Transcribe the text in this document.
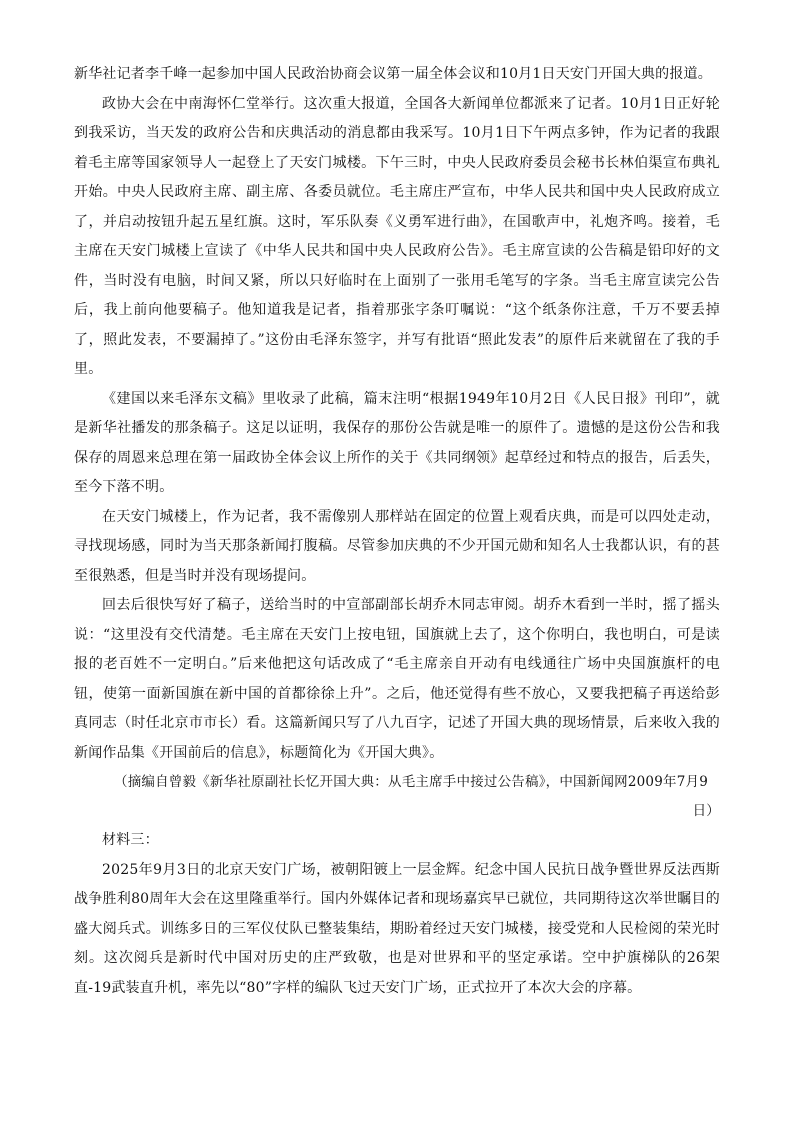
新华社记者李千峰一起参加中国人民政治协商会议第一届全体会议和10月1日天安门开国大典的报道。

政协大会在中南海怀仁堂举行。这次重大报道，全国各大新闻单位都派来了记者。10月1日正好轮到我采访，当天发的政府公告和庆典活动的消息都由我采写。10月1日下午两点多钟，作为记者的我跟着毛主席等国家领导人一起登上了天安门城楼。下午三时，中央人民政府委员会秘书长林伯渠宣布典礼开始。中央人民政府主席、副主席、各委员就位。毛主席庄严宣布，中华人民共和国中央人民政府成立了，并启动按钮升起五星红旗。这时，军乐队奏《义勇军进行曲》，在国歌声中，礼炮齐鸣。接着，毛主席在天安门城楼上宣读了《中华人民共和国中央人民政府公告》。毛主席宣读的公告稿是铅印好的文件，当时没有电脑，时间又紧，所以只好临时在上面别了一张用毛笔写的字条。当毛主席宣读完公告后，我上前向他要稿子。他知道我是记者，指着那张字条叮嘱说：“这个纸条你注意，千万不要丢掉了，照此发表，不要漏掉了。”这份由毛泽东签字，并写有批语“照此发表”的原件后来就留在了我的手里。

《建国以来毛泽东文稿》里收录了此稿，篇末注明“根据1949年10月2日《人民日报》刊印”，就是新华社播发的那条稿子。这足以证明，我保存的那份公告就是唯一的原件了。遗憾的是这份公告和我保存的周恩来总理在第一届政协全体会议上所作的关于《共同纲领》起草经过和特点的报告，后丢失，至今下落不明。

在天安门城楼上，作为记者，我不需像别人那样站在固定的位置上观看庆典，而是可以四处走动，寻找现场感，同时为当天那条新闻打腹稿。尽管参加庆典的不少开国元勋和知名人士我都认识，有的甚至很熟悉，但是当时并没有现场提问。

回去后很快写好了稿子，送给当时的中宣部副部长胡乔木同志审阅。胡乔木看到一半时，摇了摇头说：“这里没有交代清楚。毛主席在天安门上按电钮，国旗就上去了，这个你明白，我也明白，可是读报的老百姓不一定明白。”后来他把这句话改成了“毛主席亲自开动有电线通往广场中央国旗旗杆的电钮，使第一面新国旗在新中国的首都徐徐上升”。之后，他还觉得有些不放心，又要我把稿子再送给彭真同志（时任北京市市长）看。这篇新闻只写了八九百字，记述了开国大典的现场情景，后来收入我的新闻作品集《开国前后的信息》，标题简化为《开国大典》。

（摘编自曾毅《新华社原副社长忆开国大典：从毛主席手中接过公告稿》，中国新闻网2009年7月9
日）

材料三：

2025年9月3日的北京天安门广场，被朝阳镀上一层金辉。纪念中国人民抗日战争暨世界反法西斯战争胜利80周年大会在这里隆重举行。国内外媒体记者和现场嘉宾早已就位，共同期待这次举世瞩目的盛大阅兵式。训练多日的三军仪仗队已整装集结，期盼着经过天安门城楼，接受党和人民检阅的荣光时刻。这次阅兵是新时代中国对历史的庄严致敬，也是对世界和平的坚定承诺。空中护旗梯队的26架直-19武装直升机，率先以“80”字样的编队飞过天安门广场，正式拉开了本次大会的序幕。
